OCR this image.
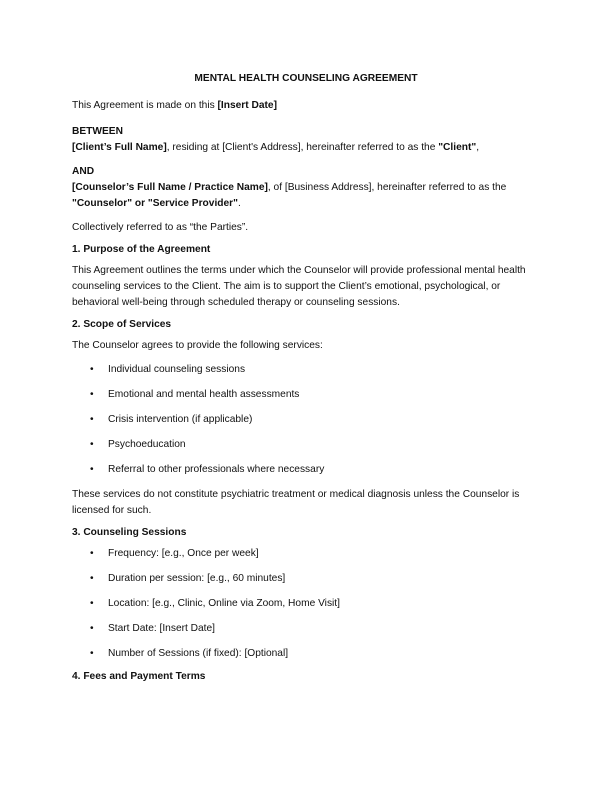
MENTAL HEALTH COUNSELING AGREEMENT

This Agreement is made on this [Insert Date]

BETWEEN

[Client’s Full Name], residing at [Client's Address], hereinafter referred to as the "Client",

AND

[Counselor’s Full Name / Practice Name], of [Business Address], hereinafter referred to as the "Counselor" or "Service Provider".

Collectively referred to as “the Parties”.

1. Purpose of the Agreement

This Agreement outlines the terms under which the Counselor will provide professional mental health counseling services to the Client. The aim is to support the Client’s emotional, psychological, or behavioral well-being through scheduled therapy or counseling sessions.

2. Scope of Services

The Counselor agrees to provide the following services:

• Individual counseling sessions
• Emotional and mental health assessments
• Crisis intervention (if applicable)
• Psychoeducation
• Referral to other professionals where necessary

These services do not constitute psychiatric treatment or medical diagnosis unless the Counselor is licensed for such.

3. Counseling Sessions
• Frequency: [e.g., Once per week]
• Duration per session: [e.g., 60 minutes]
• Location: [e.g., Clinic, Online via Zoom, Home Visit]
• Start Date: [Insert Date]
• Number of Sessions (if fixed): [Optional]
4. Fees and Payment Terms
